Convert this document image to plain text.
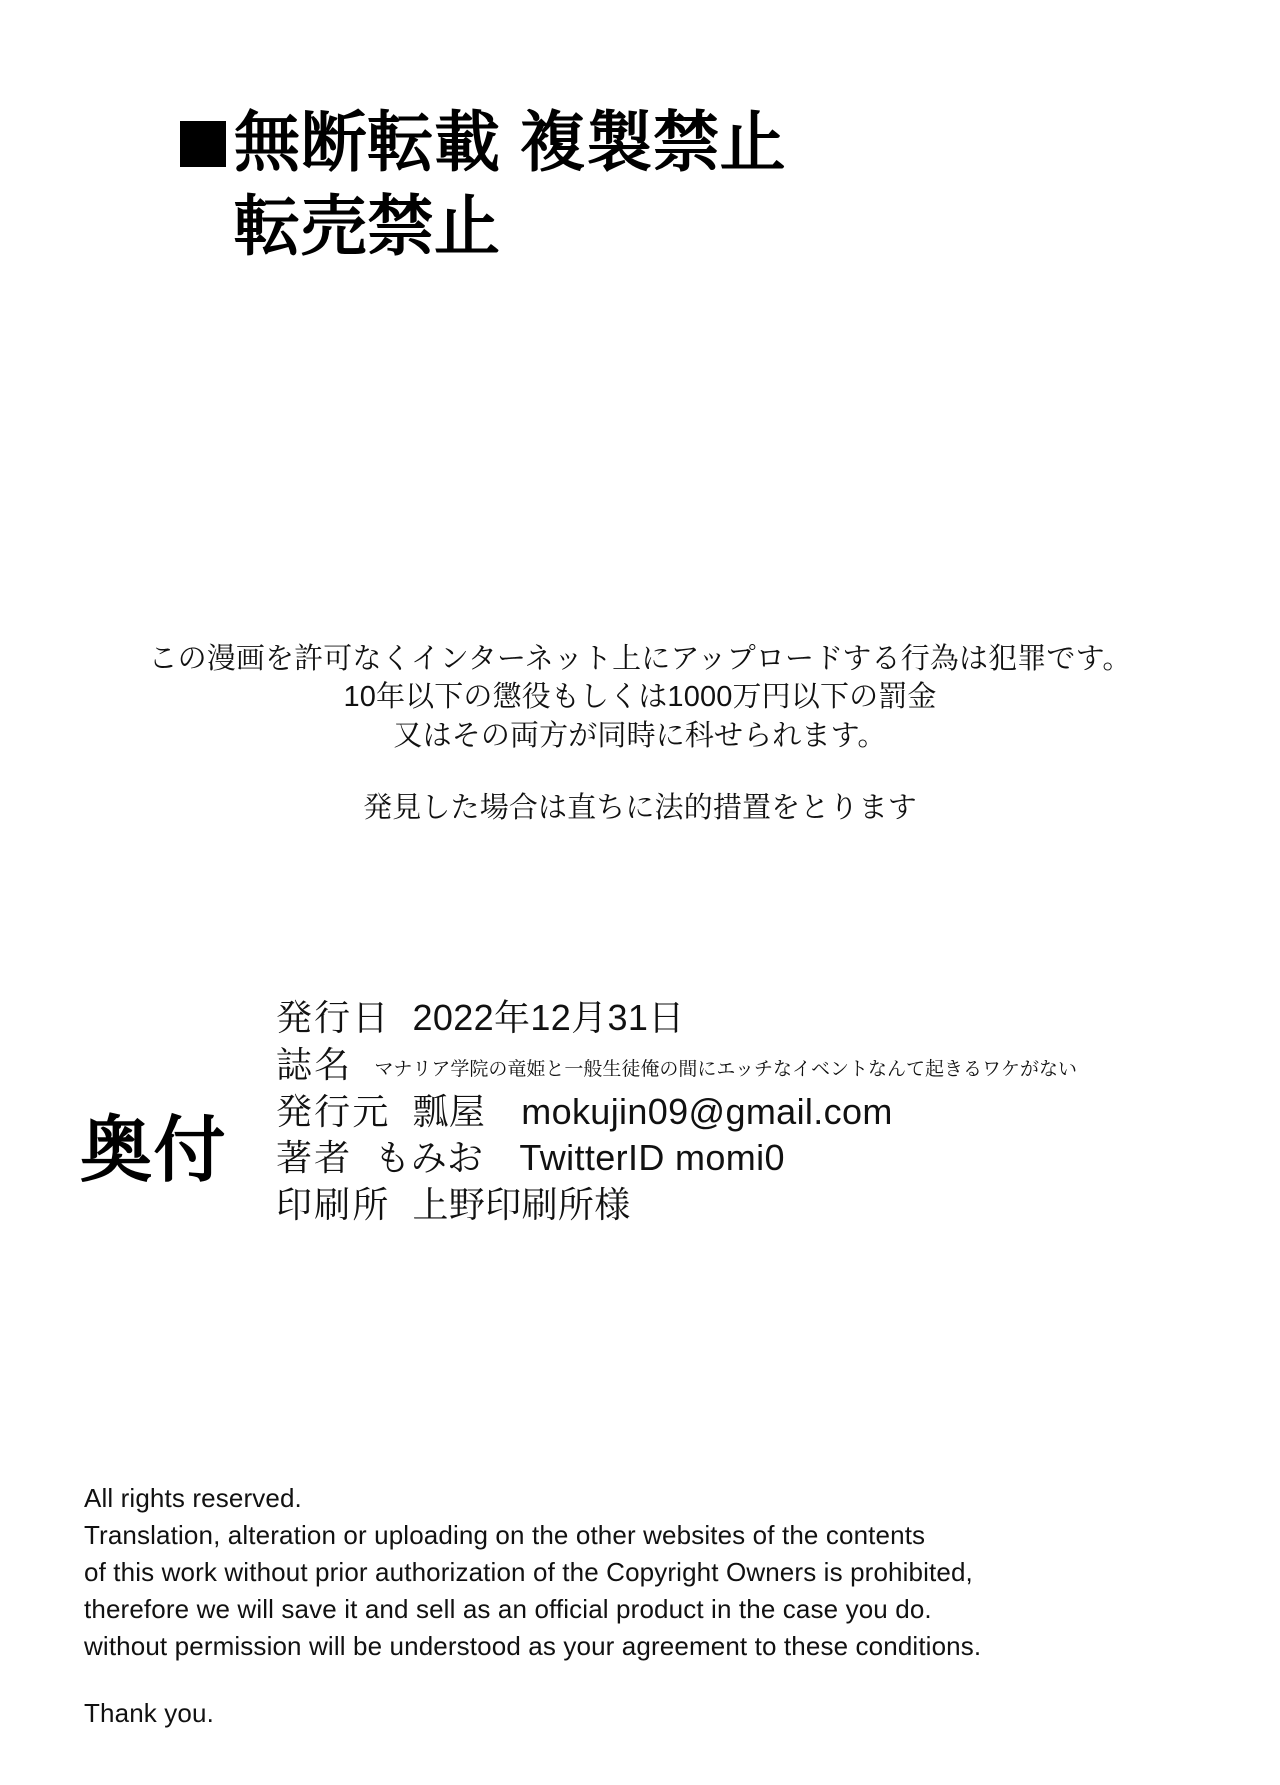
無断転載 複製禁止
転売禁止
この漫画を許可なくインターネット上にアップロードする行為は犯罪です。
10年以下の懲役もしくは1000万円以下の罰金
又はその両方が同時に科せられます。
発見した場合は直ちに法的措置をとります
奥付
発行日 2022年12月31日
誌名 マナリア学院の竜姫と一般生徒俺の間にエッチなイベントなんて起きるワケがない
発行元 瓢屋 mokujin09@gmail.com
著者 もみお TwitterID momi0
印刷所 上野印刷所様
All rights reserved.
Translation, alteration or uploading on the other websites of the contents
of this work without prior authorization of the Copyright Owners is prohibited,
therefore we will save it and sell as an official product in the case you do.
without permission will be understood as your agreement to these conditions.
Thank you.
